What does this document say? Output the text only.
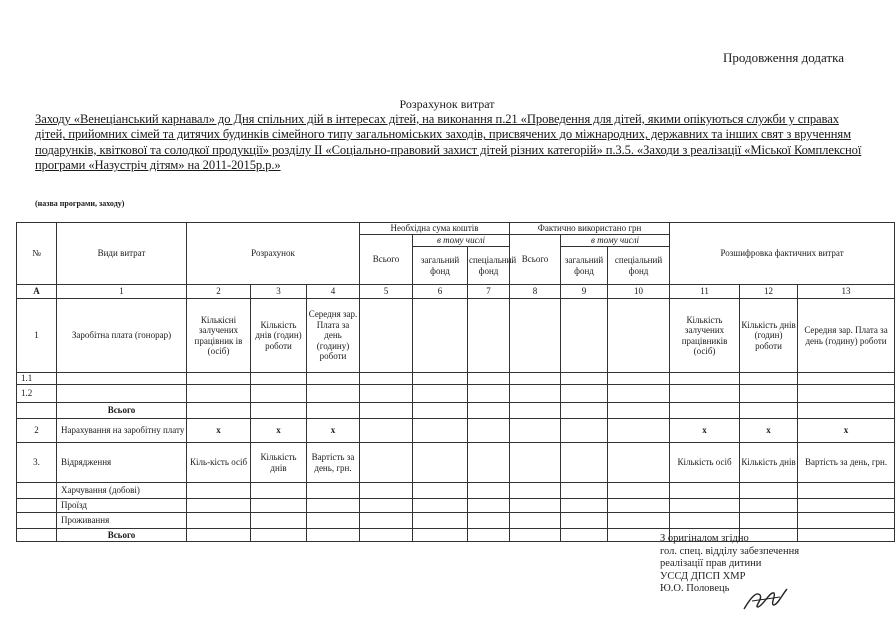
Продовження додатка
Розрахунок витрат
Заходу «Венеціанський карнавал» до Дня спільних дій в інтересах дітей, на виконання п.21 «Проведення для дітей, якими опікуються служби у справах дітей, прийомних сімей та дитячих будинків сімейного типу загальноміських заходів, присвячених до міжнародних, державних та інших свят з врученням подарунків, квіткової та солодкої продукції» розділу ІІ «Соціально-правовий захист дітей різних категорій» п.3.5. «Заходи з реалізації «Міської Комплексної програми «Назустріч дітям» на 2011-2015р.р.»
(назва програми, заходу)
№	Види витрат	Розрахунок			Необхідна сума коштів			Фактично використано грн			Розшифровка фактичних витрат		
					Всього	в тому числі		Всього	в тому числі				
						загальний фонд	спеціальний фонд		загальний фонд	спеціальний фонд			
А	1	2	3	4	5	6	7	8	9	10	11	12	13
1	Заробітна плата (гонорар)	Кількісні залучених працівник ів (осіб)	Кількість днів (годин) роботи	Середня зар. Плата за день (годину) роботи							Кількість залучених працівників (осіб)	Кількість днів (годин) роботи	Середня зар. Плата за день (годину) роботи
1.1													
1.2													
	Всього												
2	Нарахування на заробітну плату	х	х	х							х	х	х
3.	Відрядження	Кіль-кість осіб	Кількість днів	Вартість за день, грн.							Кількість осіб	Кількість днів	Вартість за день, грн.
	Харчування (добові)												
	Проїзд												
	Проживання												
	Всього													З оригіналом згідно
гол. спец. відділу забезпечення
реалізації прав дитини
УССД ДПСП ХМР
Ю.О. Половець
